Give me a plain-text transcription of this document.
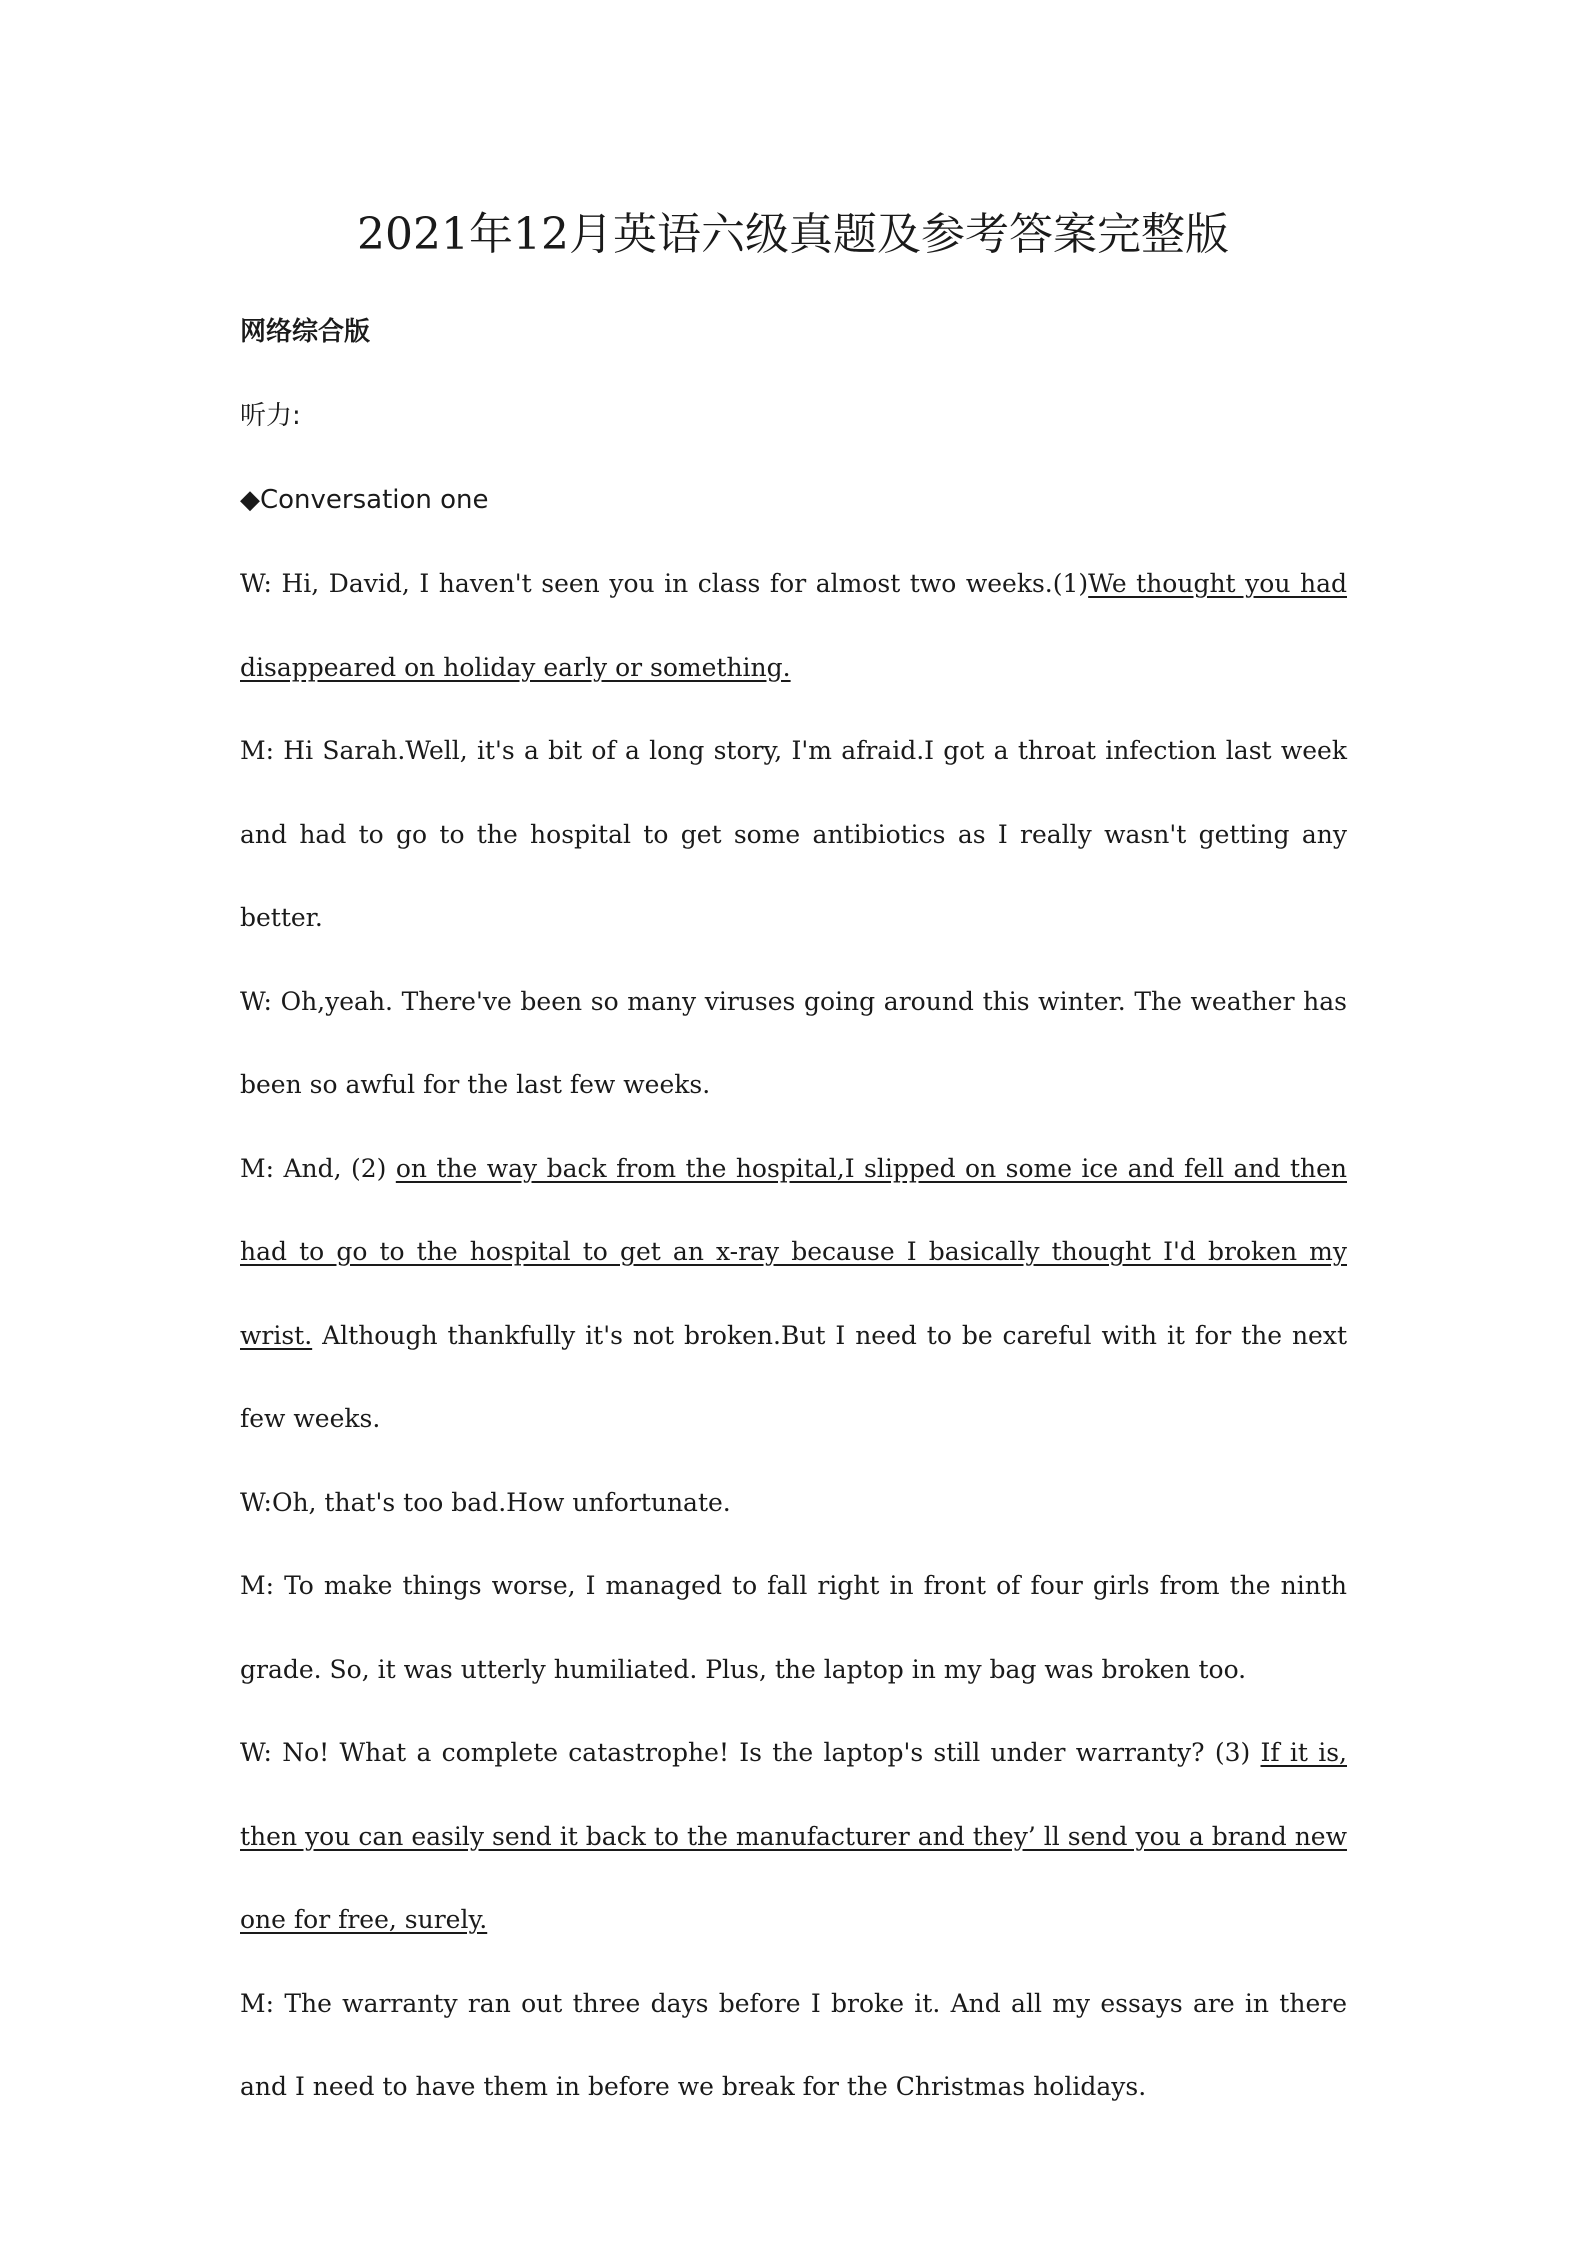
2021年12月英语六级真题及参考答案完整版
网络综合版
听力:
◆Conversation one

W: Hi, David, I haven't seen you in class for almost two weeks.(1)We thought you had disappeared on holiday early or something.

M: Hi Sarah.Well, it's a bit of a long story, I'm afraid.I got a throat infection last week and had to go to the hospital to get some antibiotics as I really wasn't getting any better.

W: Oh,yeah. There've been so many viruses going around this winter. The weather has been so awful for the last few weeks.

M: And, (2) on the way back from the hospital,I slipped on some ice and fell and then had to go to the hospital to get an x-ray because I basically thought I'd broken my wrist. Although thankfully it's not broken.But I need to be careful with it for the next few weeks.

W:Oh, that's too bad.How unfortunate.

M: To make things worse, I managed to fall right in front of four girls from the ninth grade. So, it was utterly humiliated. Plus, the laptop in my bag was broken too.

W: No! What a complete catastrophe! Is the laptop's still under warranty? (3) If it is, then you can easily send it back to the manufacturer and they’ ll send you a brand new one for free, surely.

M: The warranty ran out three days before I broke it. And all my essays are in there and I need to have them in before we break for the Christmas holidays.
